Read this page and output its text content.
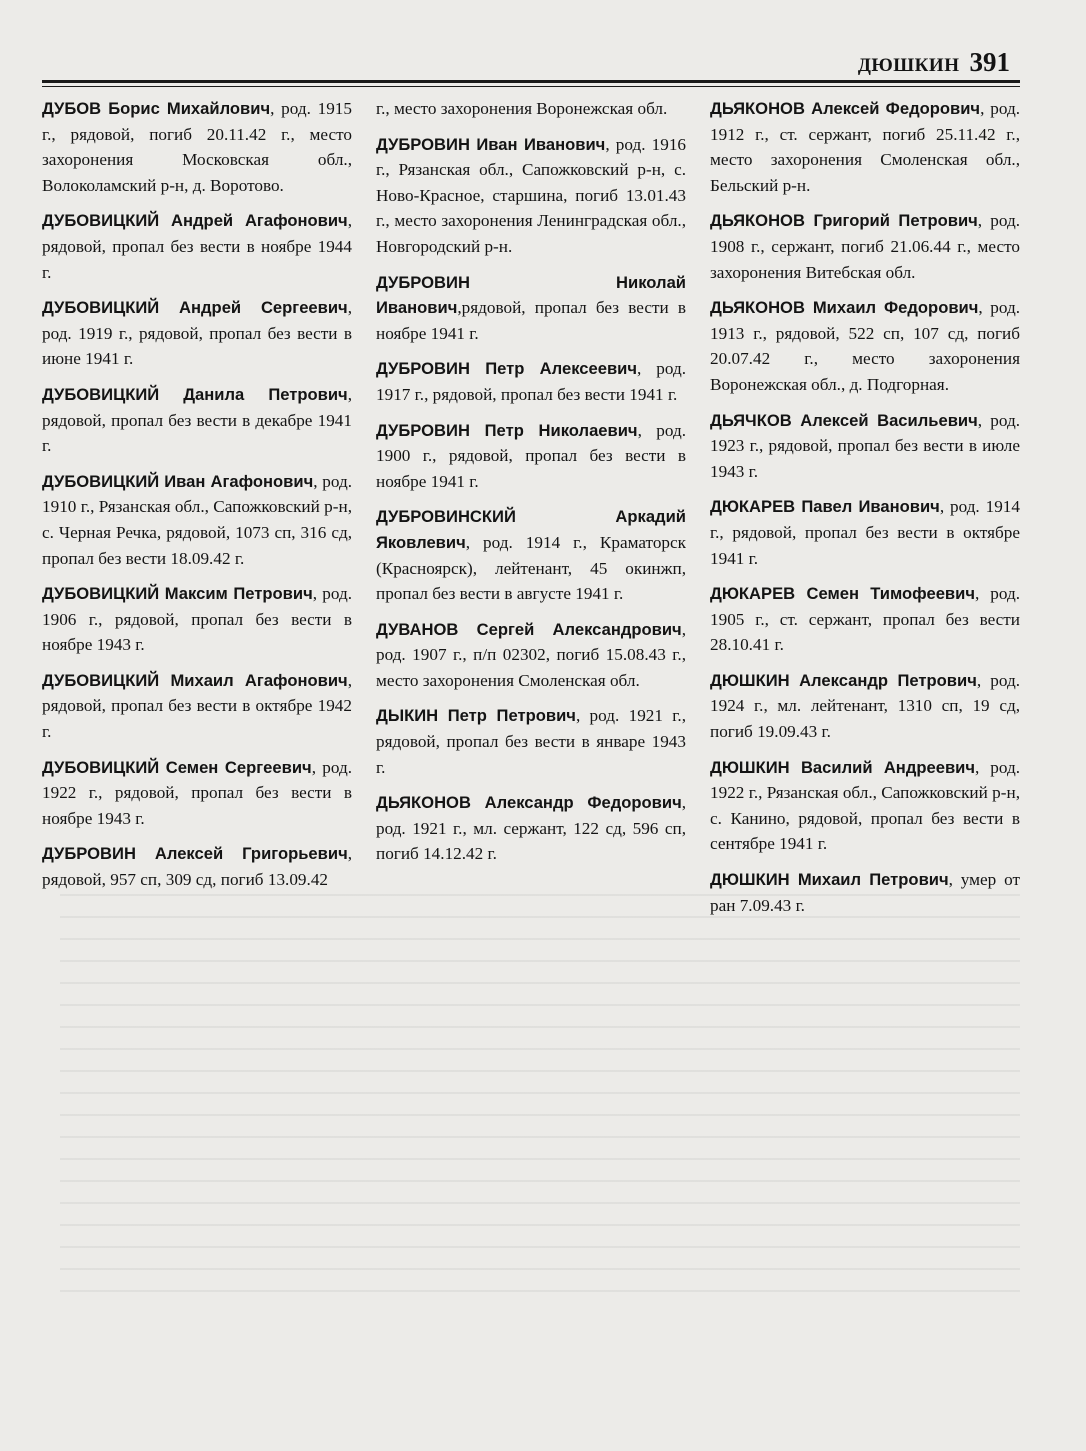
ДЮШКИН 391

ДУБОВ Борис Михайлович, род. 1915 г., рядовой, погиб 20.11.42 г., место захоронения Московская обл., Волоколамский р-н, д. Воротово.

ДУБОВИЦКИЙ Андрей Агафонович, рядовой, пропал без вести в ноябре 1944 г.

ДУБОВИЦКИЙ Андрей Сергеевич, род. 1919 г., рядовой, пропал без вести в июне 1941 г.

ДУБОВИЦКИЙ Данила Петрович, рядовой, пропал без вести в декабре 1941 г.

ДУБОВИЦКИЙ Иван Агафонович, род. 1910 г., Рязанская обл., Сапожковский р-н, с. Черная Речка, рядовой, 1073 сп, 316 сд, пропал без вести 18.09.42 г.

ДУБОВИЦКИЙ Максим Петрович, род. 1906 г., рядовой, пропал без вести в ноябре 1943 г.

ДУБОВИЦКИЙ Михаил Агафонович, рядовой, пропал без вести в октябре 1942 г.

ДУБОВИЦКИЙ Семен Сергеевич, род. 1922 г., рядовой, пропал без вести в ноябре 1943 г.

ДУБРОВИН Алексей Григорьевич, рядовой, 957 сп, 309 сд, погиб 13.09.42

г., место захоронения Воронежская обл.

ДУБРОВИН Иван Иванович, род. 1916 г., Рязанская обл., Сапожковский р-н, с. Ново-Красное, старшина, погиб 13.01.43 г., место захоронения Ленинградская обл., Новгородский р-н.

ДУБРОВИН Николай Иванович,рядовой, пропал без вести в ноябре 1941 г.

ДУБРОВИН Петр Алексеевич, род. 1917 г., рядовой, пропал без вести 1941 г.

ДУБРОВИН Петр Николаевич, род. 1900 г., рядовой, пропал без вести в ноябре 1941 г.

ДУБРОВИНСКИЙ Аркадий Яковлевич, род. 1914 г., Краматорск (Красноярск), лейтенант, 45 окинжп, пропал без вести в августе 1941 г.

ДУВАНОВ Сергей Александрович, род. 1907 г., п/п 02302, погиб 15.08.43 г., место захоронения Смоленская обл.

ДЫКИН Петр Петрович, род. 1921 г., рядовой, пропал без вести в январе 1943 г.

ДЬЯКОНОВ Александр Федорович, род. 1921 г., мл. сержант, 122 сд, 596 сп, погиб 14.12.42 г.

ДЬЯКОНОВ Алексей Федорович, род. 1912 г., ст. сержант, погиб 25.11.42 г., место захоронения Смоленская обл., Бельский р-н.

ДЬЯКОНОВ Григорий Петрович, род. 1908 г., сержант, погиб 21.06.44 г., место захоронения Витебская обл.

ДЬЯКОНОВ Михаил Федорович, род. 1913 г., рядовой, 522 сп, 107 сд, погиб 20.07.42 г., место захоронения Воронежская обл., д. Подгорная.

ДЬЯЧКОВ Алексей Васильевич, род. 1923 г., рядовой, пропал без вести в июле 1943 г.

ДЮКАРЕВ Павел Иванович, род. 1914 г., рядовой, пропал без вести в октябре 1941 г.

ДЮКАРЕВ Семен Тимофеевич, род. 1905 г., ст. сержант, пропал без вести 28.10.41 г.

ДЮШКИН Александр Петрович, род. 1924 г., мл. лейтенант, 1310 сп, 19 сд, погиб 19.09.43 г.

ДЮШКИН Василий Андреевич, род. 1922 г., Рязанская обл., Сапожковский р-н, с. Канино, рядовой, пропал без вести в сентябре 1941 г.

ДЮШКИН Михаил Петрович, умер от ран 7.09.43 г.
